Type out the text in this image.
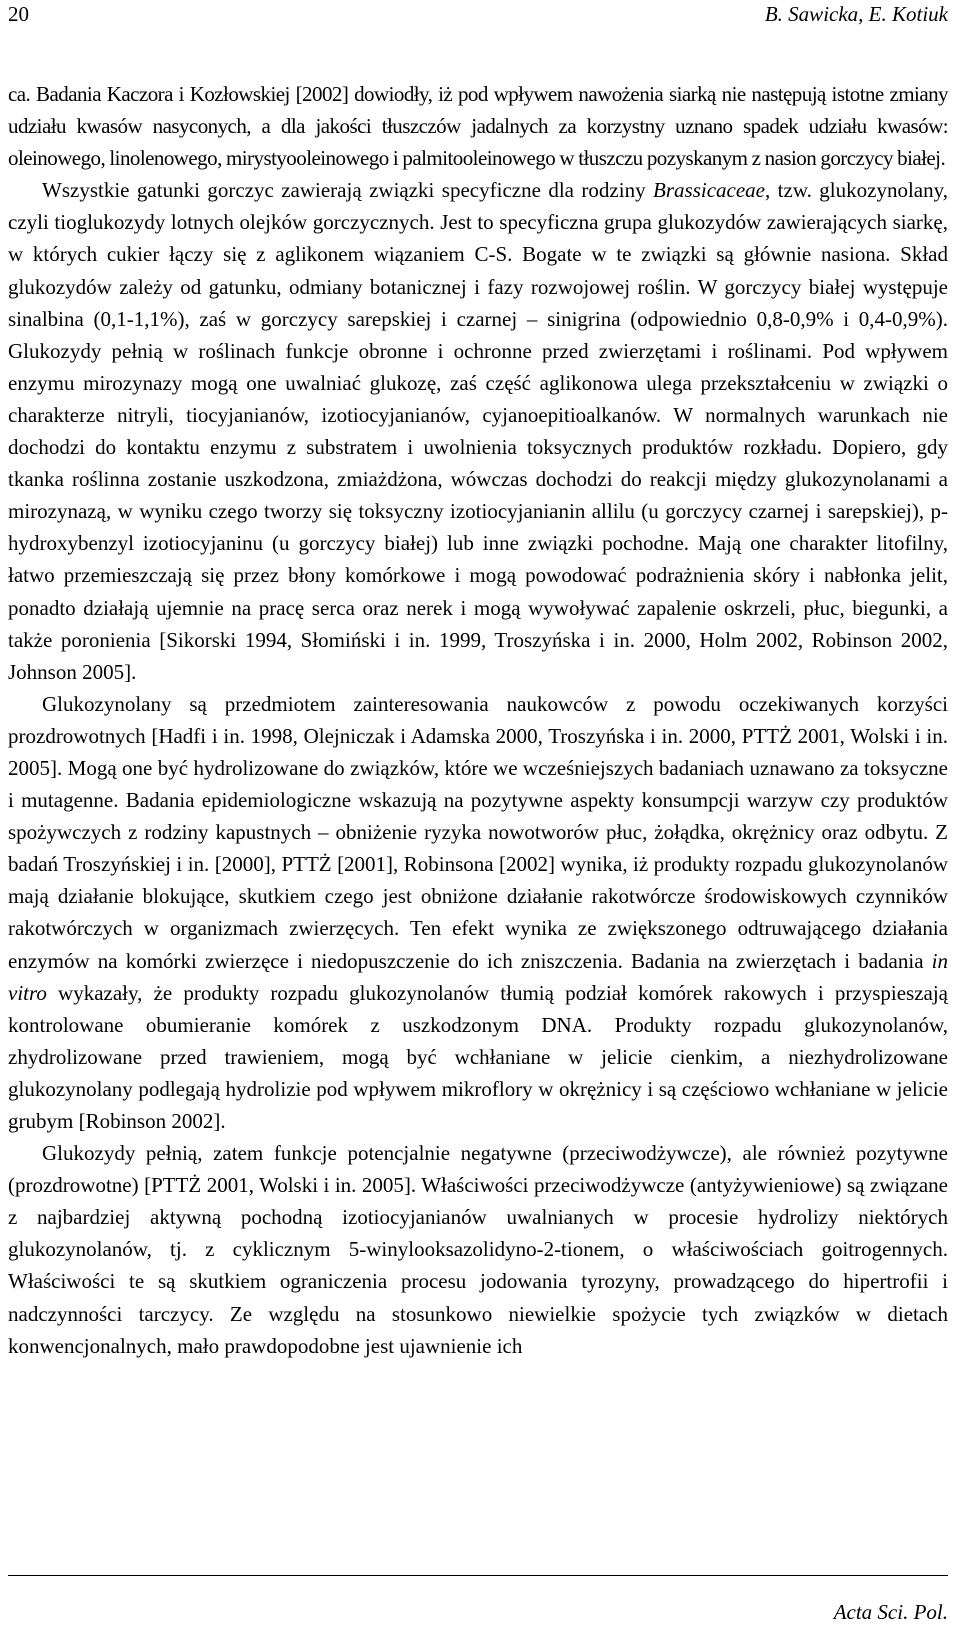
20	B. Sawicka, E. Kotiuk

ca. Badania Kaczora i Kozłowskiej [2002] dowiodły, iż pod wpływem nawożenia siarką nie następują istotne zmiany udziału kwasów nasyconych, a dla jakości tłuszczów jadalnych za korzystny uznano spadek udziału kwasów: oleinowego, linolenowego, mirystyooleinowego i palmitooleinowego w tłuszczu pozyskanym z nasion gorczycy białej.

Wszystkie gatunki gorczyc zawierają związki specyficzne dla rodziny Brassicaceae, tzw. glukozynolany, czyli tioglukozydy lotnych olejków gorczycznych. Jest to specyficzna grupa glukozydów zawierających siarkę, w których cukier łączy się z aglikonem wiązaniem C-S. Bogate w te związki są głównie nasiona. Skład glukozydów zależy od gatunku, odmiany botanicznej i fazy rozwojowej roślin. W gorczycy białej występuje sinalbina (0,1-1,1%), zaś w gorczycy sarepskiej i czarnej – sinigrina (odpowiednio 0,8-0,9% i 0,4-0,9%). Glukozydy pełnią w roślinach funkcje obronne i ochronne przed zwierzętami i roślinami. Pod wpływem enzymu mirozynazy mogą one uwalniać glukozę, zaś część aglikonowa ulega przekształceniu w związki o charakterze nitryli, tiocyjanianów, izotiocyjanianów, cyjanoepitioalkanów. W normalnych warunkach nie dochodzi do kontaktu enzymu z substratem i uwolnienia toksycznych produktów rozkładu. Dopiero, gdy tkanka roślinna zostanie uszkodzona, zmiażdżona, wówczas dochodzi do reakcji między glukozynolanami a mirozynazą, w wyniku czego tworzy się toksyczny izotiocyjanianin allilu (u gorczycy czarnej i sarepskiej), p-hydroxybenzyl izotiocyjaninu (u gorczycy białej) lub inne związki pochodne. Mają one charakter litofilny, łatwo przemieszczają się przez błony komórkowe i mogą powodować podrażnienia skóry i nabłonka jelit, ponadto działają ujemnie na pracę serca oraz nerek i mogą wywoływać zapalenie oskrzeli, płuc, biegunki, a także poronienia [Sikorski 1994, Słomiński i in. 1999, Troszyńska i in. 2000, Holm 2002, Robinson 2002, Johnson 2005].

Glukozynolany są przedmiotem zainteresowania naukowców z powodu oczekiwanych korzyści prozdrowotnych [Hadfi i in. 1998, Olejniczak i Adamska 2000, Troszyńska i in. 2000, PTTŻ 2001, Wolski i in. 2005]. Mogą one być hydrolizowane do związków, które we wcześniejszych badaniach uznawano za toksyczne i mutagenne. Badania epidemiologiczne wskazują na pozytywne aspekty konsumpcji warzyw czy produktów spożywczych z rodziny kapustnych – obniżenie ryzyka nowotworów płuc, żołądka, okrężnicy oraz odbytu. Z badań Troszyńskiej i in. [2000], PTTŻ [2001], Robinsona [2002] wynika, iż produkty rozpadu glukozynolanów mają działanie blokujące, skutkiem czego jest obniżone działanie rakotwórcze środowiskowych czynników rakotwórczych w organizmach zwierzęcych. Ten efekt wynika ze zwiększonego odtruwającego działania enzymów na komórki zwierzęce i niedopuszczenie do ich zniszczenia. Badania na zwierzętach i badania in vitro wykazały, że produkty rozpadu glukozynolanów tłumią podział komórek rakowych i przyspieszają kontrolowane obumieranie komórek z uszkodzonym DNA. Produkty rozpadu glukozynolanów, zhydrolizowane przed trawieniem, mogą być wchłaniane w jelicie cienkim, a niezhydrolizowane glukozynolany podlegają hydrolizie pod wpływem mikroflory w okrężnicy i są częściowo wchłaniane w jelicie grubym [Robinson 2002].

Glukozydy pełnią, zatem funkcje potencjalnie negatywne (przeciwodżywcze), ale również pozytywne (prozdrowotne) [PTTŻ 2001, Wolski i in. 2005]. Właściwości przeciwodżywcze (antyżywieniowe) są związane z najbardziej aktywną pochodną izotiocyjanianów uwalnianych w procesie hydrolizy niektórych glukozynolanów, tj. z cyklicznym 5-winylooksazolidyno-2-tionem, o właściwościach goitrogennych. Właściwości te są skutkiem ograniczenia procesu jodowania tyrozyny, prowadzącego do hipertrofii i nadczynności tarczycy. Ze względu na stosunkowo niewielkie spożycie tych związków w dietach konwencjonalnych, mało prawdopodobne jest ujawnienie ich

Acta Sci. Pol.
